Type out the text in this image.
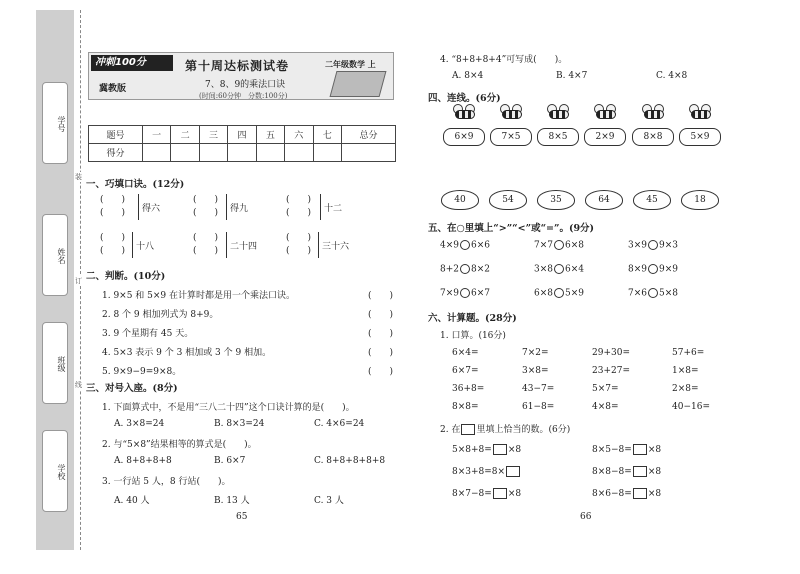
学号
姓名
班级
学校
装
订
线
冲刺100分
冀教版
第十周达标测试卷
7、8、9的乘法口诀
(时间:60分钟　分数:100分)
二年级数学 上
题号	一	二	三	四	五	六	七	总分
得分								
一、巧填口诀。(12分)
(　　)
(　　) 得六
(　　)
(　　) 得九
(　　)
(　　) 十二
(　　)
(　　) 十八
(　　)
(　　) 二十四
(　　)
(　　) 三十六
二、判断。(10分)
1. 9×5 和 5×9 在计算时都是用一个乘法口诀。
2. 8 个 9 相加列式为 8+9。
3. 9 个星期有 45 天。
4. 5×3 表示 9 个 3 相加或 3 个 9 相加。
5. 9×9−9=9×8。
(　　)
(　　)
(　　)
(　　)
(　　)
三、对号入座。(8分)
1. 下面算式中，不是用“三八二十四”这个口诀计算的是(　　)。
A. 3×8=24	B. 8×3=24	C. 4×6=24
2. 与“5×8”结果相等的算式是(　　)。
A. 8+8+8+8	B. 6×7	C. 8+8+8+8+8
3. 一行站 5 人，8 行站(　　)。
A. 40 人	B. 13 人	C. 3 人
65
4. “8+8+8+4”可写成(　　)。
A. 8×4	B. 4×7	C. 4×8
四、连线。(6分)
6×9	7×5	8×5	2×9	8×8	5×9
40	54	35	64	45	18
五、在○里填上“>”“<”或“=”。(9分)
4×9 6×6	7×7 6×8	3×9 9×3
8+2 8×2	3×8 6×4	8×9 9×9
7×9 6×7	6×8 5×9	7×6 5×8
六、计算题。(28分)
1. 口算。(16分)
6×4=	7×2=	29+30=	57+6=
6×7=	3×8=	23+27=	1×8=
36+8=	43−7=	5×7=	2×8=
8×8=	61−8=	4×8=	40−16=
2. 在 里填上恰当的数。(6分)
5×8+8= ×8	8×5−8= ×8
8×3+8=8×	8×8−8= ×8
8×7−8= ×8	8×6−8= ×8
66
